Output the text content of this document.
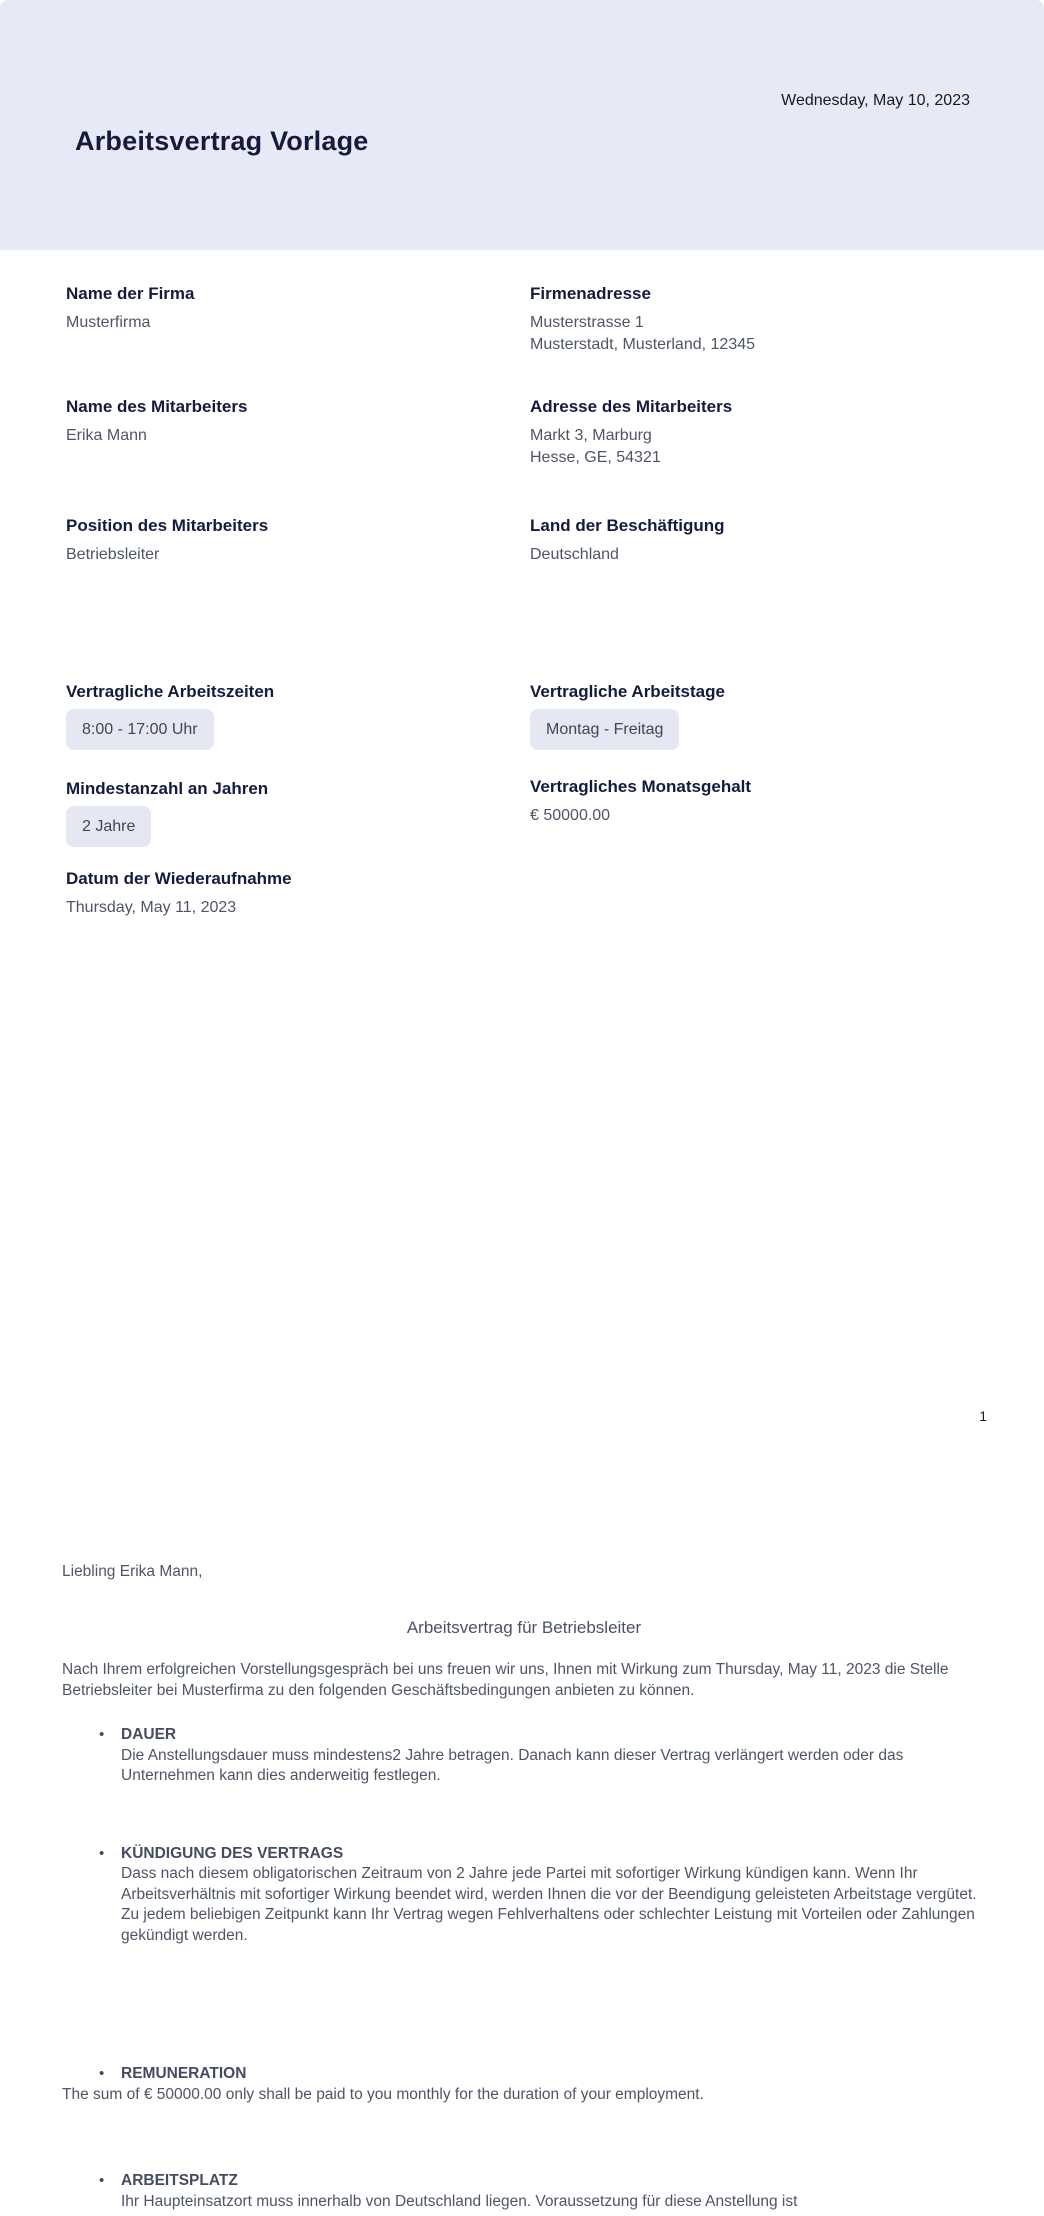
Wednesday, May 10, 2023
Arbeitsvertrag Vorlage
Name der Firma
Musterfirma
Firmenadresse
Musterstrasse 1
Musterstadt, Musterland, 12345
Name des Mitarbeiters
Erika Mann
Adresse des Mitarbeiters
Markt 3, Marburg
Hesse, GE, 54321
Position des Mitarbeiters
Betriebsleiter
Land der Beschäftigung
Deutschland
Vertragliche Arbeitszeiten
8:00 - 17:00 Uhr
Mindestanzahl an Jahren
2 Jahre
Datum der Wiederaufnahme
Thursday, May 11, 2023
Vertragliche Arbeitstage
Montag - Freitag
Vertragliches Monatsgehalt
€ 50000.00
1

Liebling Erika Mann,

Arbeitsvertrag für Betriebsleiter

Nach Ihrem erfolgreichen Vorstellungsgespräch bei uns freuen wir uns, Ihnen mit Wirkung zum Thursday, May 11, 2023 die Stelle Betriebsleiter bei Musterfirma zu den folgenden Geschäftsbedingungen anbieten zu können.

• DAUER
Die Anstellungsdauer muss mindestens2 Jahre betragen. Danach kann dieser Vertrag verlängert werden oder das Unternehmen kann dies anderweitig festlegen.
• KÜNDIGUNG DES VERTRAGS
Dass nach diesem obligatorischen Zeitraum von 2 Jahre jede Partei mit sofortiger Wirkung kündigen kann. Wenn Ihr Arbeitsverhältnis mit sofortiger Wirkung beendet wird, werden Ihnen die vor der Beendigung geleisteten Arbeitstage vergütet. Zu jedem beliebigen Zeitpunkt kann Ihr Vertrag wegen Fehlverhaltens oder schlechter Leistung mit Vorteilen oder Zahlungen gekündigt werden.
• REMUNERATION

The sum of € 50000.00 only shall be paid to you monthly for the duration of your employment.

• ARBEITSPLATZ
Ihr Haupteinsatzort muss innerhalb von Deutschland liegen. Voraussetzung für diese Anstellung ist
